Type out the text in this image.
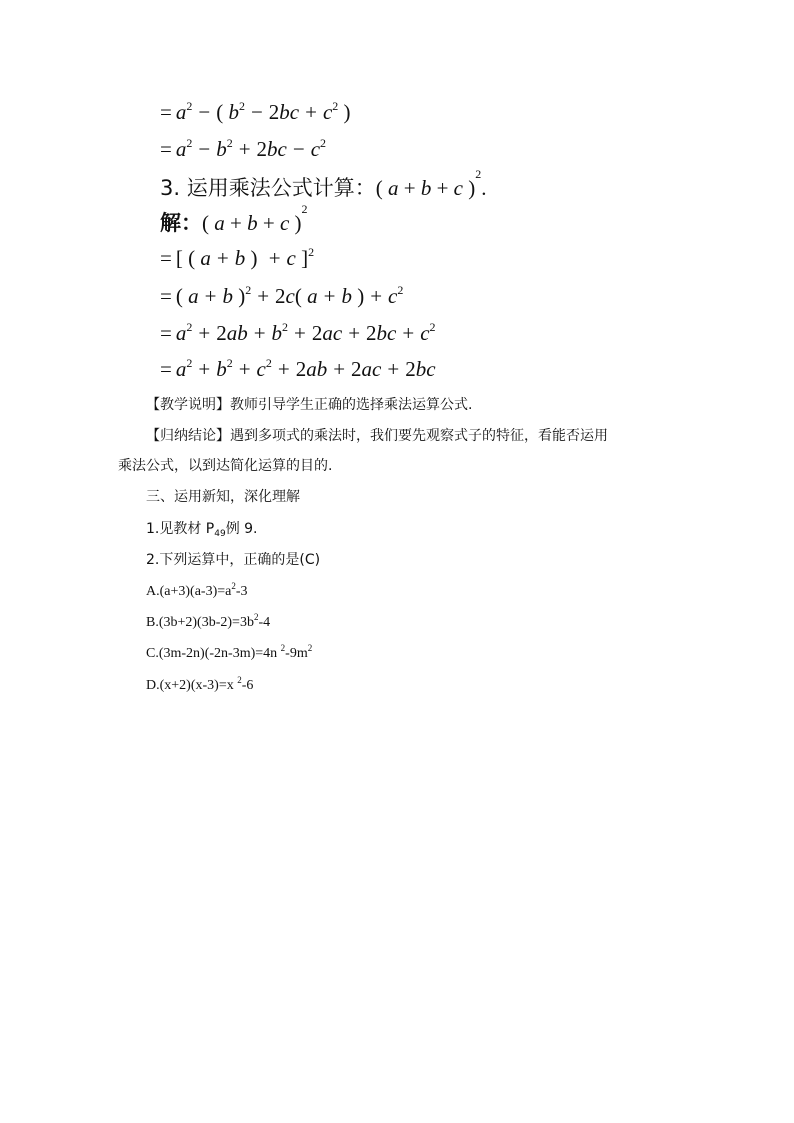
= $a^2$ − ( $b^2 - 2bc + c^2$ )
= $a^2 - b^2 + 2bc - c^2$
3. 运用乘法公式计算：( a + b + c )$^2$.
解：( a + b + c )$^2$
= [ ( a + b ) + c ]$^2$
= ( a + b )$^2$ + 2c( a + b ) + $c^2$
= $a^2 + 2ab + b^2 + 2ac + 2bc + c^2$
= $a^2 + b^2 + c^2 + 2ab + 2ac + 2bc$
【教学说明】教师引导学生正确的选择乘法运算公式.
【归纳结论】遇到多项式的乘法时，我们要先观察式子的特征，看能否运用
乘法公式，以到达简化运算的目的.
三、运用新知，深化理解
1.见教材 $P_{49}$例 9.
2.下列运算中，正确的是(C)
$A.(a+3)(a-3)=a^2-3$
$B.(3b+2)(3b-2)=3b^2-4$
C.(3m-2n)(-2n-3m)=4n $^2-9m^2$
D.(x+2)(x-3)=x $^2$-6
